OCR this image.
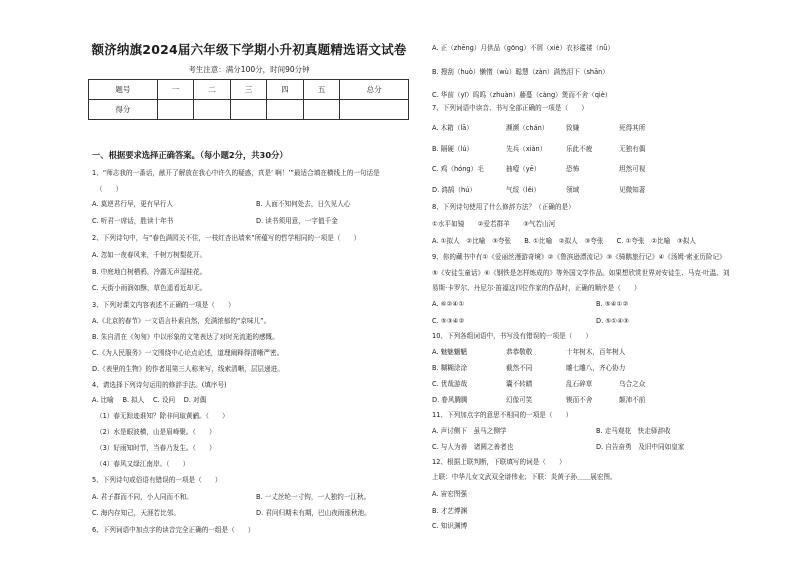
额济纳旗2024届六年级下学期小升初真题精选语文试卷
考生注意：满分100分，时间90分钟
题号	一	二	三	四	五	总分
得分						
一、根据要求选择正确答案。（每小题2分，共30分）
1、“师志我的一番话，献开了解放在我心中许久的疑惑，真是‘ 啊！’”最适合填在横线上的一句话是
（　　）
A. 莫逆君行早，更有早行人	B. 人面不知何处去，日久见人心
C. 听君一席话，胜读十年书	D. 读书须用意，一字值千金
2、下列诗句中，与“春色满园关不住，一枝红杏出墙来”所蕴写的哲学相同的一项是（　　）
A. 忽如一夜春风来，千树万树梨花开。
B. 中庭地白树栖鸦，冷露无声湿桂花。
C. 天街小雨润如酥，草色遥看近却无。
3、下列对课文内容表述不正确的一项是（　　）
A.《北京的春节》一文语言朴素自然，充满浓郁的“京味儿”。
B. 朱自清在《匆匆》中以形象的文笔表达了对时光流逝的感慨。
C.《为人民服务》一文围绕中心论点论述，道理阐释得清晰严密。
D.《表里的生物》的作者用第三人称来写，线索清晰，层层递进。
4、请选择下列诗句运用的修辞手法。(填序号)
A. 比喻　 B. 拟人　 C. 设问　 D. 对偶
（1）春无踪迹谁知？除非问取黄鹂。（　　）
（2）水是眼波横，山是眉峰聚。（　　）
（3）好雨知时节，当春乃发生。（　　）
（4）春风又绿江南岸。（　　）
5、下列诗句或俗语有错误的一项是（　　）
A. 君子群而不同，小人同而不和。	B. 一丈丝纶一寸钩，一人独钓一江秋。
C. 海内存知己，天涯若比邻。	D. 君问归期未有期，巴山夜雨涨秋池。
6、下列词语中加点字的读音完全正确的一组是（　　）
A. 正（zhēng）月供品（gōng）不屑（xiè）衣衫褴褛（nǚ）
B. 搜刮（huò）懒惰（wù）聪慧（zàn）满然泪下（shān）
C. 华前（yī）呜呜（zhuàn）藤蔓（càng）煲而不舍（qiè）
7、下列词语中读音、书写全部正确的一项是（　　）
A. 木箱（lā）	濒濒（chán）	致嫌	死得其所
B. 隔硬（lú）	先兵（xiàn）	乐此不疲	无独有偶
C. 鸡（hóng）毛	抽噎（yē）	恐怖	坦然可视
D. 鸿鹄（hú）	气绥（lěi）	领域	见微知著
8、下列诗句使用了什么修辞方法？（正确的是）
①水平如镜　　②爱若群羊　　③气若山河
A. ①拟人　②比喻　③夸张　　B. ①比喻　②拟人　③夸张　　C. ①夸张　②比喻　③拟人
9、你的藏书中有①《爱丽丝漫游奇境》②《鲁滨逊漂流记》③《骑鹅旅行记》④《汤姆·索亚历险记》
⑤《安徒生童话》⑥《钢铁是怎样炼成的》等外国文学作品。如果想欣赏世界对安徒生、马克·吐温、刘
易斯·卡罗尔、丹尼尔·笛福这四位作家的作品时，正确的顺序是（　　）
A. ⑥②④①	B. ⑤④①②
C. ⑤③④②	D. ⑤①④③
10、下列各组词语中，书写没有错误的一项是（　　）
A. 魅魅魍魉	恭恭敬敬	十年树木，百年树人
B. 糊糊涂涂	截然不同	雕七雕八，齐心协力
C. 优哉游哉	囊不转睛	乱石碎草	乌合之众
D. 眷风腾腾	幻像可笑	锲而不舍	颠沛不前
11、下列加点字的意思不相同的一项是（　　）
A. 声讨侧下　虽马之侧学	B. 走马观花　快走驿辞收
C. 与人为善　诸圆之善者也	D. 自告奋勇　及旧中同如皇家
12、根据上联判断，下联填写的词是（　　）
上联：中华儿女文武双全谱伟业；下联：炎黄子孙＿＿展宏图。
A. 宙宏图强
B. 才艺博渊
C. 知识渊博
